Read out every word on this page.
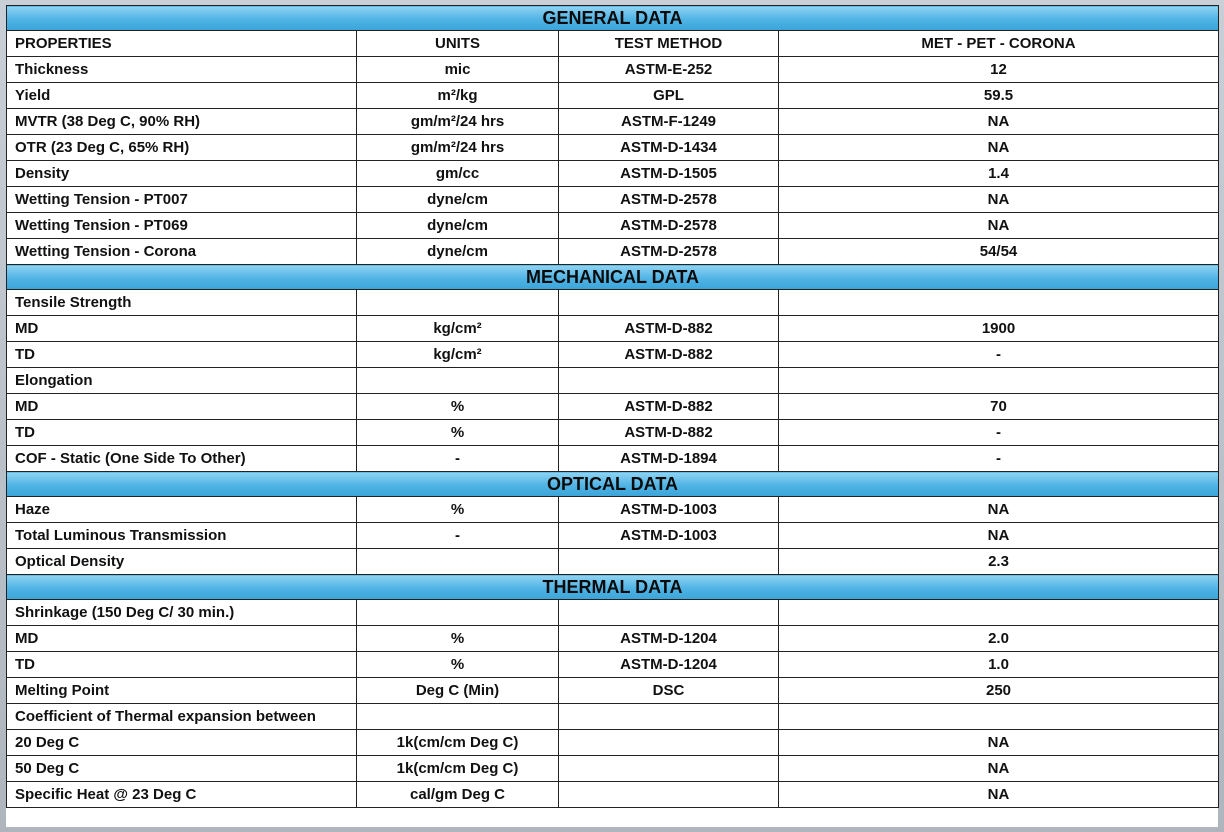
GENERAL DATA			
PROPERTIES	UNITS	TEST METHOD	MET - PET - CORONA
Thickness	mic	ASTM-E-252	12
Yield	m²/kg	GPL	59.5
MVTR (38 Deg C, 90% RH)	gm/m²/24 hrs	ASTM-F-1249	NA
OTR (23 Deg C, 65% RH)	gm/m²/24 hrs	ASTM-D-1434	NA
Density	gm/cc	ASTM-D-1505	1.4
Wetting Tension - PT007	dyne/cm	ASTM-D-2578	NA
Wetting Tension - PT069	dyne/cm	ASTM-D-2578	NA
Wetting Tension - Corona	dyne/cm	ASTM-D-2578	54/54
MECHANICAL DATA			
Tensile Strength			
MD	kg/cm²	ASTM-D-882	1900
TD	kg/cm²	ASTM-D-882	-
Elongation			
MD	%	ASTM-D-882	70
TD	%	ASTM-D-882	-
COF - Static (One Side To Other)	-	ASTM-D-1894	-
OPTICAL DATA			
Haze	%	ASTM-D-1003	NA
Total Luminous Transmission	-	ASTM-D-1003	NA
Optical Density			2.3
THERMAL DATA			
Shrinkage (150 Deg C/ 30 min.)			
MD	%	ASTM-D-1204	2.0
TD	%	ASTM-D-1204	1.0
Melting Point	Deg C (Min)	DSC	250
Coefficient of Thermal expansion between			
20 Deg C	1k(cm/cm Deg C)		NA
50 Deg C	1k(cm/cm Deg C)		NA
Specific Heat @ 23 Deg C	cal/gm Deg C		NA
